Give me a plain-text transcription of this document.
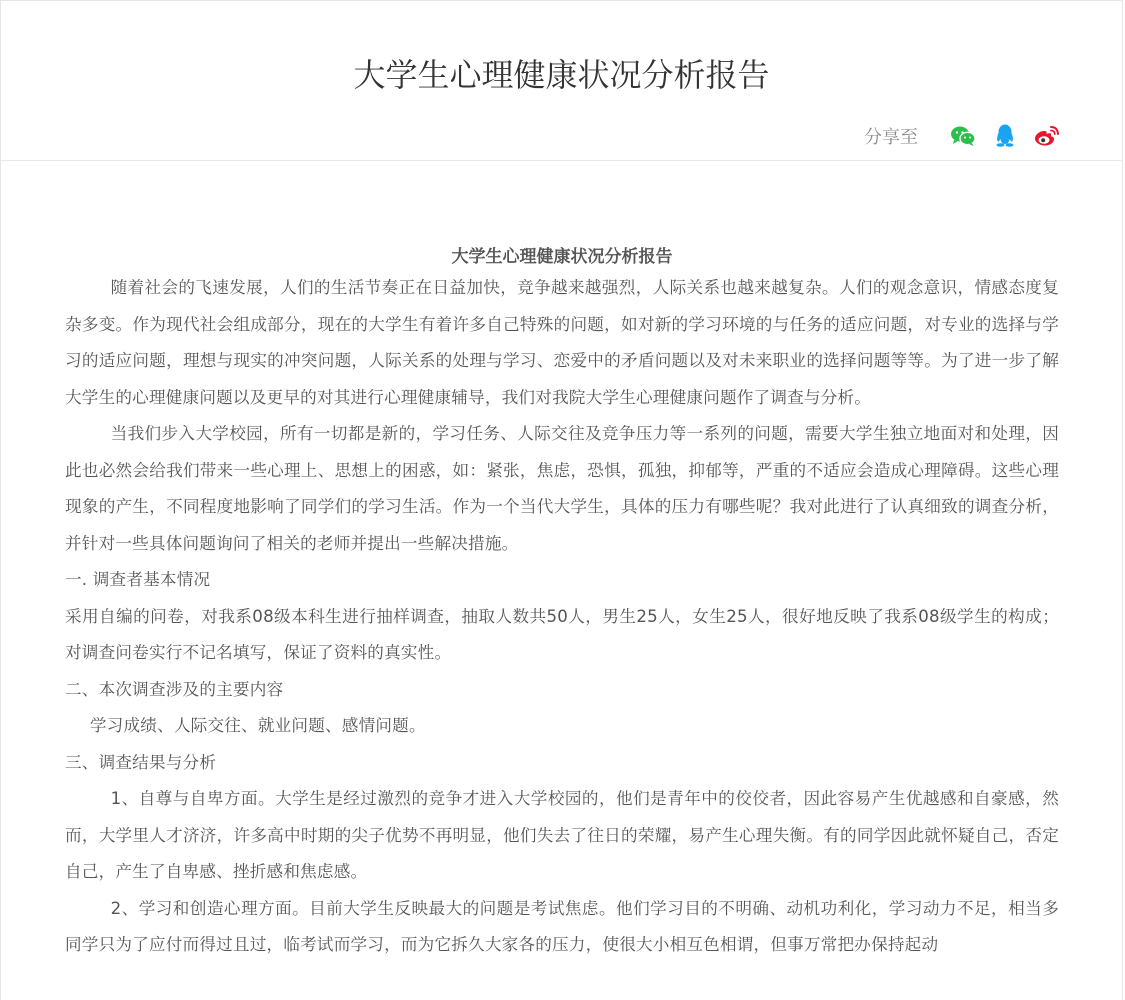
大学生心理健康状况分析报告
分享至
大学生心理健康状况分析报告

随着社会的飞速发展，人们的生活节奏正在日益加快，竞争越来越强烈，人际关系也越来越复杂。人们的观念意识，情感态度复杂多变。作为现代社会组成部分，现在的大学生有着许多自己特殊的问题，如对新的学习环境的与任务的适应问题，对专业的选择与学习的适应问题，理想与现实的冲突问题，人际关系的处理与学习、恋爱中的矛盾问题以及对未来职业的选择问题等等。为了进一步了解大学生的心理健康问题以及更早的对其进行心理健康辅导，我们对我院大学生心理健康问题作了调查与分析。

当我们步入大学校园，所有一切都是新的，学习任务、人际交往及竞争压力等一系列的问题，需要大学生独立地面对和处理，因此也必然会给我们带来一些心理上、思想上的困惑，如：紧张，焦虑，恐惧，孤独，抑郁等，严重的不适应会造成心理障碍。这些心理现象的产生，不同程度地影响了同学们的学习生活。作为一个当代大学生，具体的压力有哪些呢？我对此进行了认真细致的调查分析，并针对一些具体问题询问了相关的老师并提出一些解决措施。

一. 调查者基本情况

采用自编的问卷，对我系08级本科生进行抽样调查，抽取人数共50人，男生25人，女生25人，很好地反映了我系08级学生的构成；对调查问卷实行不记名填写，保证了资料的真实性。

二、本次调查涉及的主要内容

学习成绩、人际交往、就业问题、感情问题。

三、调查结果与分析

1、自尊与自卑方面。大学生是经过激烈的竞争才进入大学校园的，他们是青年中的佼佼者，因此容易产生优越感和自豪感，然而，大学里人才济济，许多高中时期的尖子优势不再明显，他们失去了往日的荣耀，易产生心理失衡。有的同学因此就怀疑自己，否定自己，产生了自卑感、挫折感和焦虑感。

2、学习和创造心理方面。目前大学生反映最大的问题是考试焦虑。他们学习目的不明确、动机功利化，学习动力不足，相当多同学只为了应付而得过且过，临考试而学习，而为它拆久大家各的压力，使很大小相互色相谓，但事万常把办保持起动
